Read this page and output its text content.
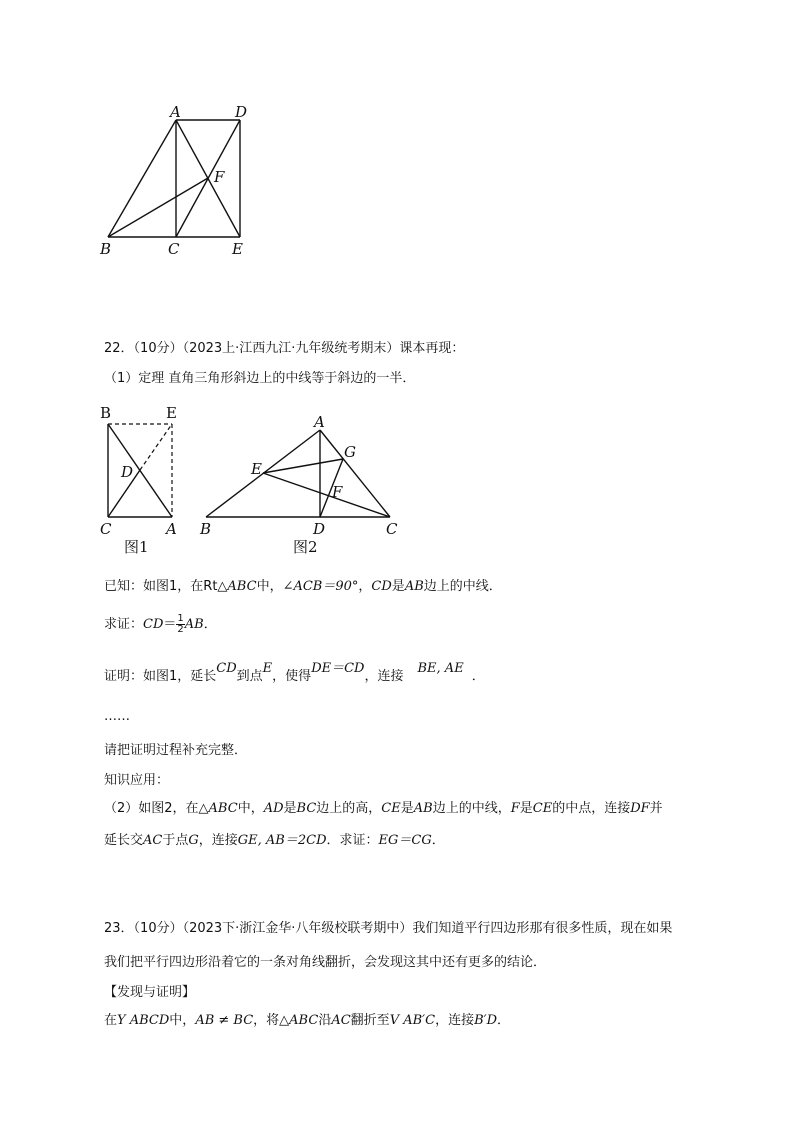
A	D
F
B	C	E
22．（10分）（2023上·江西九江·九年级统考期末）课本再现：
（1）定理 直角三角形斜边上的中线等于斜边的一半．
B	E
D
C	A
图1
A
G
E
F
B	D	C
图2
已知：如图1，在Rt△ABC中，∠ACB＝90°，CD是AB边上的中线．
求证：$CD= \frac{1}{2}$ AB．
证明：如图1，延长CD到点E，使得DE＝CD，连接BE, AE．
……
请把证明过程补充完整．
知识应用：
（2）如图2，在△ABC中，AD是BC边上的高，CE是AB边上的中线，F是CE的中点，连接DF并
延长交AC于点G，连接GE, AB＝2CD．求证：EG＝CG．
23．（10分）（2023下·浙江金华·八年级校联考期中）我们知道平行四边形那有很多性质，现在如果
我们把平行四边形沿着它的一条对角线翻折，会发现这其中还有更多的结论．
【发现与证明】
在Y ABCD中，AB ≠ BC，将△ABC沿AC翻折至V AB′C，连接B′D．
